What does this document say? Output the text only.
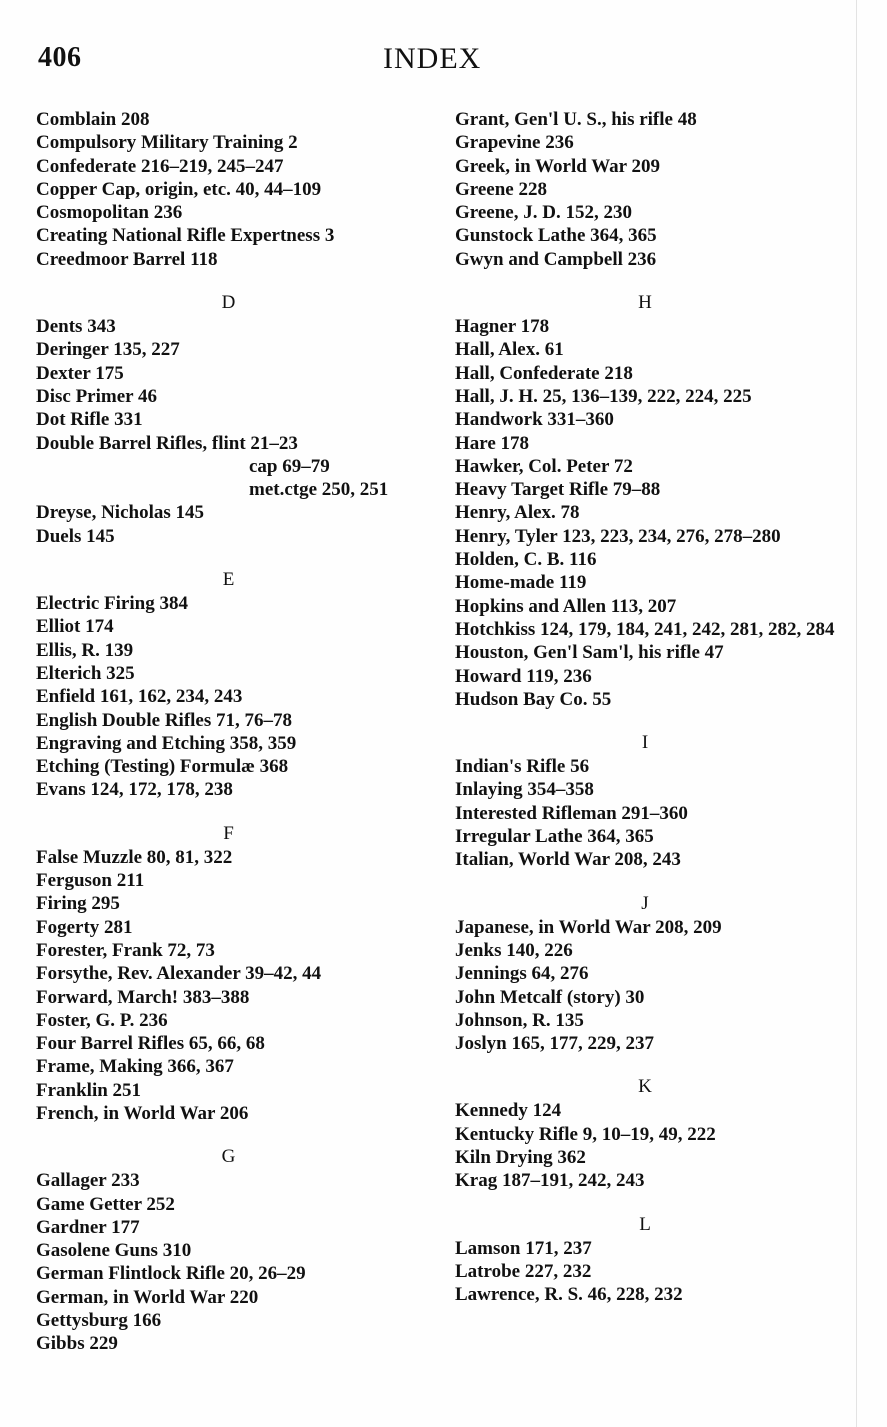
406	INDEX
Comblain 208
Compulsory Military Training 2
Confederate 216–219, 245–247
Copper Cap, origin, etc. 40, 44–109
Cosmopolitan 236
Creating National Rifle Expertness 3
Creedmoor Barrel 118
D
Dents 343
Deringer 135, 227
Dexter 175
Disc Primer 46
Dot Rifle 331
Double Barrel Rifles, flint 21–23
cap 69–79
met.ctge 250, 251
Dreyse, Nicholas 145
Duels 145
E
Electric Firing 384
Elliot 174
Ellis, R. 139
Elterich 325
Enfield 161, 162, 234, 243
English Double Rifles 71, 76–78
Engraving and Etching 358, 359
Etching (Testing) Formulæ 368
Evans 124, 172, 178, 238
F
False Muzzle 80, 81, 322
Ferguson 211
Firing 295
Fogerty 281
Forester, Frank 72, 73
Forsythe, Rev. Alexander 39–42, 44
Forward, March! 383–388
Foster, G. P. 236
Four Barrel Rifles 65, 66, 68
Frame, Making 366, 367
Franklin 251
French, in World War 206
G
Gallager 233
Game Getter 252
Gardner 177
Gasolene Guns 310
German Flintlock Rifle 20, 26–29
German, in World War 220
Gettysburg 166
Gibbs 229
Grant, Gen'l U. S., his rifle 48
Grapevine 236
Greek, in World War 209
Greene 228
Greene, J. D. 152, 230
Gunstock Lathe 364, 365
Gwyn and Campbell 236
H
Hagner 178
Hall, Alex. 61
Hall, Confederate 218
Hall, J. H. 25, 136–139, 222, 224, 225
Handwork 331–360
Hare 178
Hawker, Col. Peter 72
Heavy Target Rifle 79–88
Henry, Alex. 78
Henry, Tyler 123, 223, 234, 276, 278–280
Holden, C. B. 116
Home-made 119
Hopkins and Allen 113, 207
Hotchkiss 124, 179, 184, 241, 242, 281, 282, 284
Houston, Gen'l Sam'l, his rifle 47
Howard 119, 236
Hudson Bay Co. 55
I
Indian's Rifle 56
Inlaying 354–358
Interested Rifleman 291–360
Irregular Lathe 364, 365
Italian, World War 208, 243
J
Japanese, in World War 208, 209
Jenks 140, 226
Jennings 64, 276
John Metcalf (story) 30
Johnson, R. 135
Joslyn 165, 177, 229, 237
K
Kennedy 124
Kentucky Rifle 9, 10–19, 49, 222
Kiln Drying 362
Krag 187–191, 242, 243
L
Lamson 171, 237
Latrobe 227, 232
Lawrence, R. S. 46, 228, 232
